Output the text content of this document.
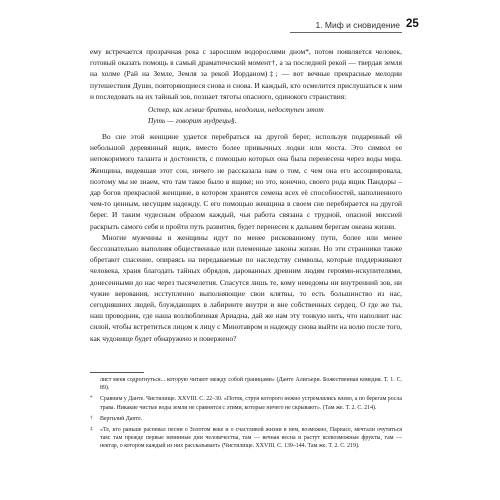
1. Миф и сновидение 25

ему встречается прозрачная река с заросшим водорослями дном*, потом появляется человек, готовый оказать помощь в самый драматический момент†, а за последней рекой — твердая земля на холме (Рай на Земле, Земля за рекой Иорданом)‡; — вот вечные прекрасные мелодии путешествия Души, повторяющиеся снова и снова. И каждый, кто осмелится прислушаться к ним и последовать на их тайный зов, познает тяготы опасного, одинокого странствия:

Остер, как лезвие бритвы, неодолим, недоступен этот
Путь — говорит мудрецы§.

Во сне этой женщине удается перебраться на другой берег, используя подаренный ей небольшой деревянный ящик, вместо более привычных лодки или моста. Это символ ее непокоримого таланта и достоинств, с помощью которых она была перенесена через воды мира. Женщина, видевшая этот сон, ничего не рассказала нам о том, с чем она его ассоциировала, поэтому мы не знаем, что там такое было в ящике; но это, конечно, своего рода ящик Пандоры – дар богов прекрасной женщине, в котором хранятся семена всех её способностей, наполненного чем-то ценным, несущим надежду. С его помощью женщина в своем сне перебирается на другой берег. И таким чудесным образом каждый, чья работа связана с трудной, опасной миссией раскрыть самого себя и пройти путь развития, будет перенесен к дальним берегам океана жизни.

Многие мужчины и женщины идут по менее рискованному пути, более или менее бессознательно выполняя общественные или племенные законы жизни. Но эти странники также обретают спасение, опираясь на передаваемые по наследству символы, которые поддерживают человека, храня благодать тайных обрядов, дарованных древним людям героями-искупителями, донесенными до нас через тысячелетия. Спасутся лишь те, кому неведомы ни внутренний зов, ни чужие верования, исступленно выполняющие свои клятвы, то есть большинство из нас, сегодняшних людей, блуждающих в лабиринте внутри и вне собственных сердец. О где же ты, наш проводник, где наша возлюбленная Ариадна, дай же нам эту тонкую нить, что наполнит нас силой, чтобы встретиться лицом к лицу с Минотавром и надежду снова выйти на волю после того, как чудовище будет обнаружено и повержено?

лист меня содрогнуться... которую читают между собой границами» (Данте Алигьери. Божественная комедия. Т. 1. С. 89).

* Сравним у Данте. Чистилище. XXVIII. С. 22–30. «Поток, струи которого нежно устремлялись влево, а по берегам росла трава. Никакие чистые воды земли не сравнятся с этими, которые ничего не скрывают». (Там же. Т. 2. С. 214).

† Вергилий Данте.

‡ «Те, кто раньше распевал песни о Золотом веке и о счастливой жизни в нем, возможно, Парнасе, мечтали очутиться там: там прежде первые невинные дни человечества, там — вечная весна и растут всевозможные фрукты, там — нектар, о котором каждый из них рассказывает» (Чистилище. XXVIII. С. 139–144. Там же. Т. 2. С. 219).
